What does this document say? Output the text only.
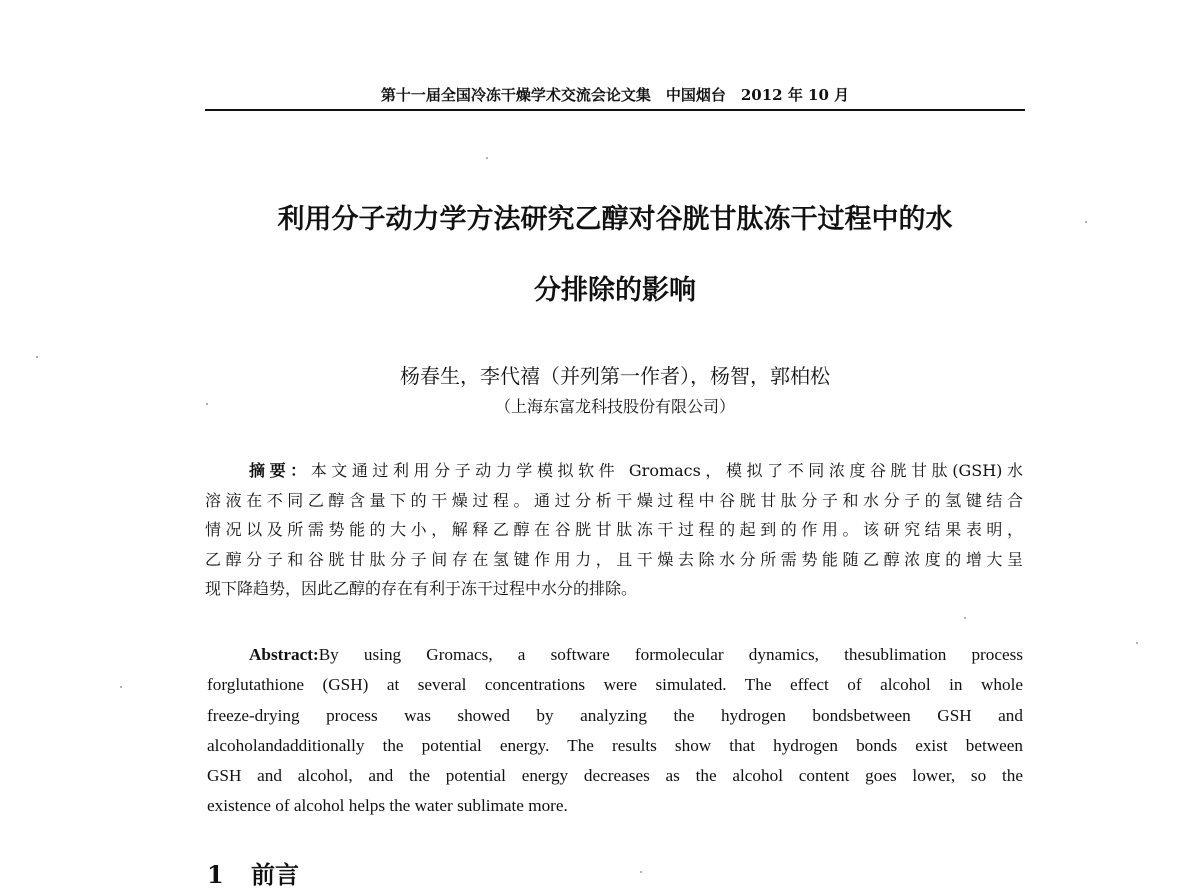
第十一届全国冷冻干燥学术交流会论文集　中国烟台　2012 年 10 月
利用分子动力学方法研究乙醇对谷胱甘肽冻干过程中的水
分排除的影响
杨春生，李代禧（并列第一作者），杨智，郭柏松
（上海东富龙科技股份有限公司）
摘要：本文通过利用分子动力学模拟软件 Gromacs，模拟了不同浓度谷胱甘肽(GSH)水
溶液在不同乙醇含量下的干燥过程。通过分析干燥过程中谷胱甘肽分子和水分子的氢键结合
情况以及所需势能的大小，解释乙醇在谷胱甘肽冻干过程的起到的作用。该研究结果表明，
乙醇分子和谷胱甘肽分子间存在氢键作用力，且干燥去除水分所需势能随乙醇浓度的增大呈
现下降趋势，因此乙醇的存在有利于冻干过程中水分的排除。
Abstract:By using Gromacs, a software formolecular dynamics, thesublimation process
forglutathione (GSH) at several concentrations were simulated. The effect of alcohol in whole
freeze-drying process was showed by analyzing the hydrogen bondsbetween GSH and
alcoholandadditionally the potential energy. The results show that hydrogen bonds exist between
GSH and alcohol, and the potential energy decreases as the alcohol content goes lower, so the
existence of alcohol helps the water sublimate more.
1 前言
